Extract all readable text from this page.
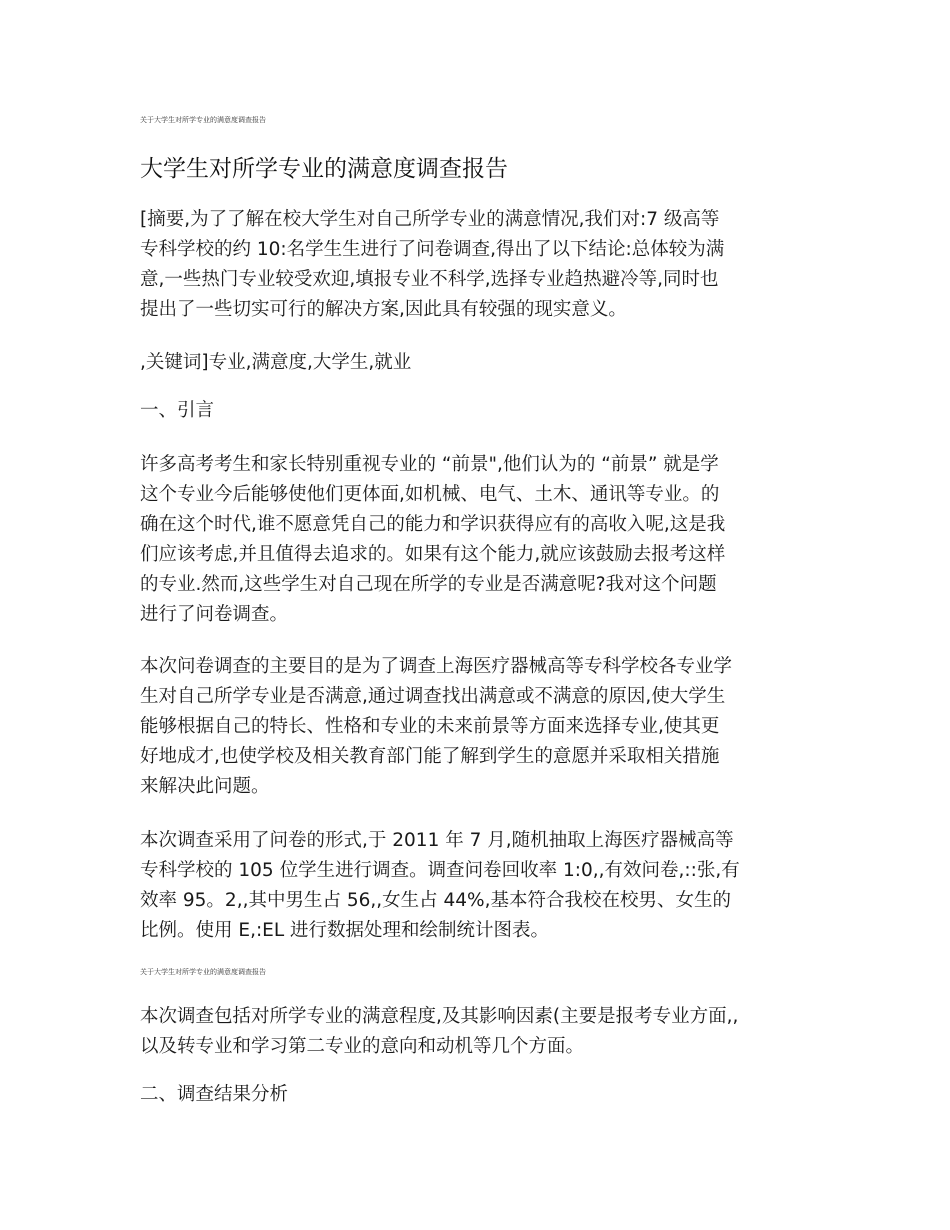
关于大学生对所学专业的满意度调查报告
大学生对所学专业的满意度调查报告
[摘要,为了了解在校大学生对自己所学专业的满意情况,我们对:7 级高等
专科学校的约 10:名学生生进行了问卷调查,得出了以下结论:总体较为满
意,一些热门专业较受欢迎,填报专业不科学,选择专业趋热避冷等,同时也
提出了一些切实可行的解决方案,因此具有较强的现实意义。
,关键词]专业,满意度,大学生,就业
一、引言
许多高考考生和家长特别重视专业的 “前景",他们认为的 “前景” 就是学
这个专业今后能够使他们更体面,如机械、电气、土木、通讯等专业。的
确在这个时代,谁不愿意凭自己的能力和学识获得应有的高收入呢,这是我
们应该考虑,并且值得去追求的。如果有这个能力,就应该鼓励去报考这样
的专业.然而,这些学生对自己现在所学的专业是否满意呢?我对这个问题
进行了问卷调查。
本次问卷调查的主要目的是为了调查上海医疗器械高等专科学校各专业学
生对自己所学专业是否满意,通过调查找出满意或不满意的原因,使大学生
能够根据自己的特长、性格和专业的未来前景等方面来选择专业,使其更
好地成才,也使学校及相关教育部门能了解到学生的意愿并采取相关措施
来解决此问题。
本次调查采用了问卷的形式,于 2011 年 7 月,随机抽取上海医疗器械高等
专科学校的 105 位学生进行调查。调查问卷回收率 1:0,,有效问卷,::张,有
效率 95。2,,其中男生占 56,,女生占 44%,基本符合我校在校男、女生的
比例。使用 E,:EL 进行数据处理和绘制统计图表。
关于大学生对所学专业的满意度调查报告
本次调查包括对所学专业的满意程度,及其影响因素(主要是报考专业方面,,
以及转专业和学习第二专业的意向和动机等几个方面。
二、调查结果分析
